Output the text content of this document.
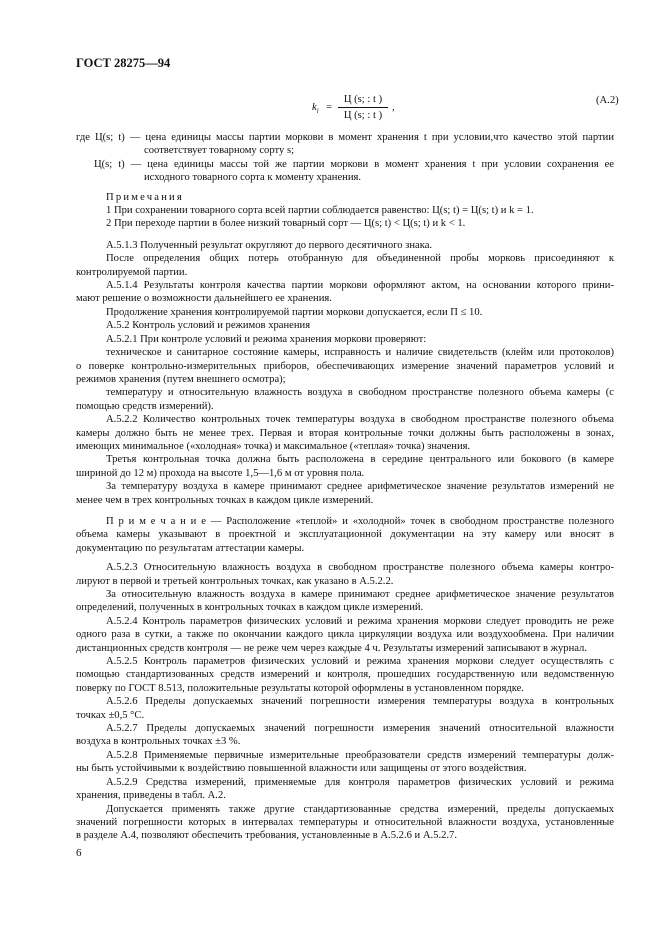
ГОСТ 28275—94
$k_i$ =
Ц (s; : t )
Ц (s; : t )
,
(А.2)
где Ц(s; t) — цена единицы массы партии моркови в момент хранения t при условии,что качество этой партии
соответствует товарному сорту s;
Ц(s; t) — цена единицы массы той же партии моркови в момент хранения t при условии сохранения ее
исходного товарного сорта к моменту хранения.
Примечания
1 При сохранении товарного сорта всей партии соблюдается равенство: Ц(s; t) = Ц(s; t) и k = 1.
2 При переходе партии в более низкий товарный сорт — Ц(s; t) < Ц(s; t) и k < 1.
А.5.1.3 Полученный результат округляют до первого десятичного знака.
После определения общих потерь отобранную для объединенной пробы морковь присоединяют к
контролируемой партии.
А.5.1.4 Результаты контроля качества партии моркови оформляют актом, на основании которого прини-
мают решение о возможности дальнейшего ее хранения.
Продолжение хранения контролируемой партии моркови допускается, если П ≤ 10.
А.5.2 Контроль условий и режимов хранения
А.5.2.1 При контроле условий и режима хранения моркови проверяют:
техническое и санитарное состояние камеры, исправность и наличие свидетельств (клейм или протоколов)
о поверке контрольно-измерительных приборов, обеспечивающих измерение значений параметров условий и
режимов хранения (путем внешнего осмотра);
температуру и относительную влажность воздуха в свободном пространстве полезного объема камеры (с
помощью средств измерений).
А.5.2.2 Количество контрольных точек температуры воздуха в свободном пространстве полезного объема
камеры должно быть не менее трех. Первая и вторая контрольные точки должны быть расположены в зонах,
имеющих минимальное («холодная» точка) и максимальное («теплая» точка) значения.
Третья контрольная точка должна быть расположена в середине центрального или бокового (в камере
шириной до 12 м) прохода на высоте 1,5—1,6 м от уровня пола.
За температуру воздуха в камере принимают среднее арифметическое значение результатов измерений не
менее чем в трех контрольных точках в каждом цикле измерений.
П р и м е ч а н и е — Расположение «теплой» и «холодной» точек в свободном пространстве полезного
объема камеры указывают в проектной и эксплуатационной документации на эту камеру или вносят в
документацию по результатам аттестации камеры.
А.5.2.3 Относительную влажность воздуха в свободном пространстве полезного объема камеры контро-
лируют в первой и третьей контрольных точках, как указано в А.5.2.2.
За относительную влажность воздуха в камере принимают среднее арифметическое значение результатов
определений, полученных в контрольных точках в каждом цикле измерений.
А.5.2.4 Контроль параметров физических условий и режима хранения моркови следует проводить не реже
одного раза в сутки, а также по окончании каждого цикла циркуляции воздуха или воздухообмена. При наличии
дистанционных средств контроля — не реже чем через каждые 4 ч. Результаты измерений записывают в журнал.
А.5.2.5 Контроль параметров физических условий и режима хранения моркови следует осуществлять с
помощью стандартизованных средств измерений и контроля, прошедших государственную или ведомственную
поверку по ГОСТ 8.513, положительные результаты которой оформлены в установленном порядке.
А.5.2.6 Пределы допускаемых значений погрешности измерения температуры воздуха в контрольных
точках ±0,5 °С.
А.5.2.7 Пределы допускаемых значений погрешности измерения значений относительной влажности
воздуха в контрольных точках ±3 %.
А.5.2.8 Применяемые первичные измерительные преобразователи средств измерений температуры долж-
ны быть устойчивыми к воздействию повышенной влажности или защищены от этого воздействия.
А.5.2.9 Средства измерений, применяемые для контроля параметров физических условий и режима
хранения, приведены в табл. А.2.
Допускается применять также другие стандартизованные средства измерений, пределы допускаемых
значений погрешности которых в интервалах температуры и относительной влажности воздуха, установленные
в разделе А.4, позволяют обеспечить требования, установленные в А.5.2.6 и А.5.2.7.
6
